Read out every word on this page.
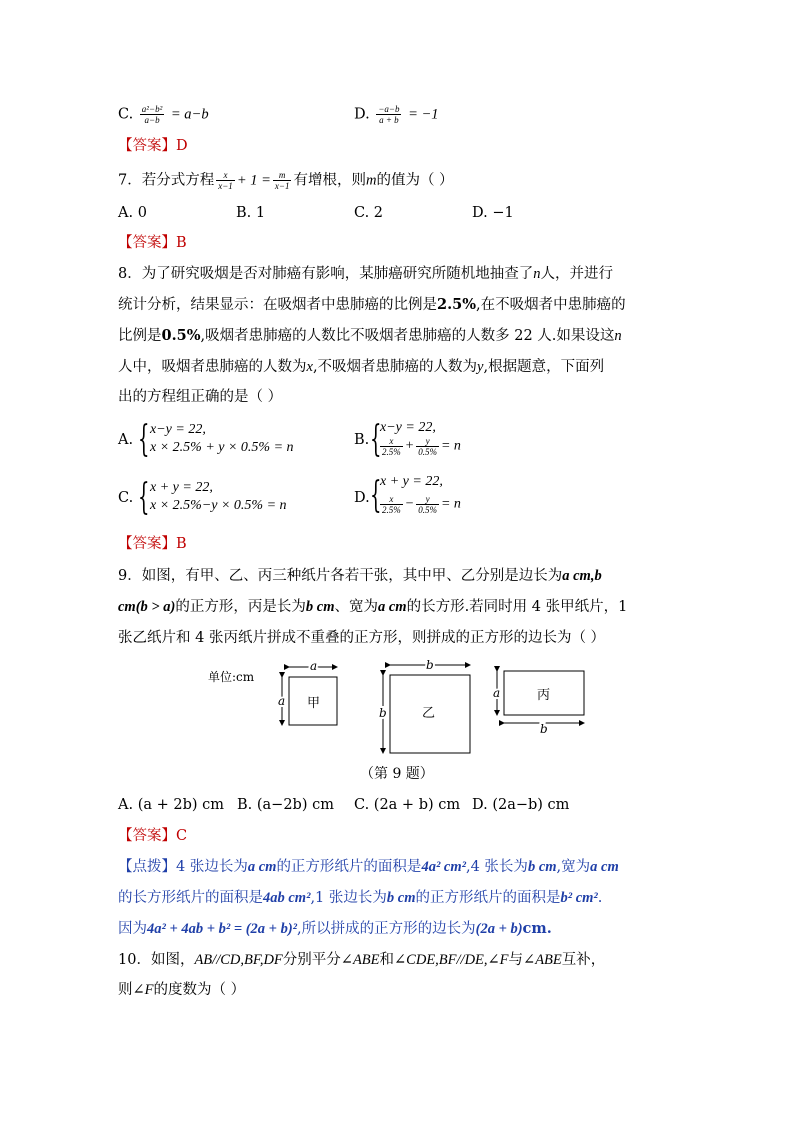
C. $\frac{\text{a²−b²}}{a-b} = a-b$	D. $\frac{-a-b}{a + b} = -1$
【答案】D
7．若分式方程 $\frac{x}{x-1} + 1 = \frac{m}{x-1}$ 有增根，则m的值为（ ）
A. 0	B. 1	C. 2	D. −1
【答案】B
8．为了研究吸烟是否对肺癌有影响，某肺癌研究所随机地抽查了n人，并进行
统计分析，结果显示：在吸烟者中患肺癌的比例是2.5%,在不吸烟者中患肺癌的
比例是0.5%,吸烟者患肺癌的人数比不吸烟者患肺癌的人数多 22 人.如果设这n
人中，吸烟者患肺癌的人数为x,不吸烟者患肺癌的人数为y,根据题意，下面列
出的方程组正确的是（ ）
A. { x−y = 22,
x × 2.5% + y × 0.5% = n	B. {
x−y = 22,
$\frac{x}{2.5\%} + \frac{y}{0.5\%} = n$
C. { x + y = 22,
x × 2.5%−y × 0.5% = n	D. {
x + y = 22,
$\frac{x}{2.5\%} - \frac{y}{0.5\%} = n$
【答案】B
9．如图，有甲、乙、丙三种纸片各若干张，其中甲、乙分别是边长为a cm,b
cm(b > a)的正方形，丙是长为b cm、宽为a cm的长方形.若同时用 4 张甲纸片，1
张乙纸片和 4 张丙纸片拼成不重叠的正方形，则拼成的正方形的边长为（ ）
单位:cm
a
a 甲
b
b	乙
a
b
丙
（第 9 题）
A. (a + 2b) cm B. (a−2b) cm C. (2a + b) cm D. (2a−b) cm
【答案】C
【点拨】4 张边长为a cm的正方形纸片的面积是4a² cm²,4 张长为b cm,宽为a cm
的长方形纸片的面积是4ab cm²,1 张边长为b cm的正方形纸片的面积是b² cm².
因为4a² + 4ab + b² = (2a + b)²,所以拼成的正方形的边长为(2a + b)cm.
10．如图，AB//CD,BF,DF分别平分∠ABE和∠CDE,BF//DE,∠F与∠ABE互补，
则∠F的度数为（ ）
